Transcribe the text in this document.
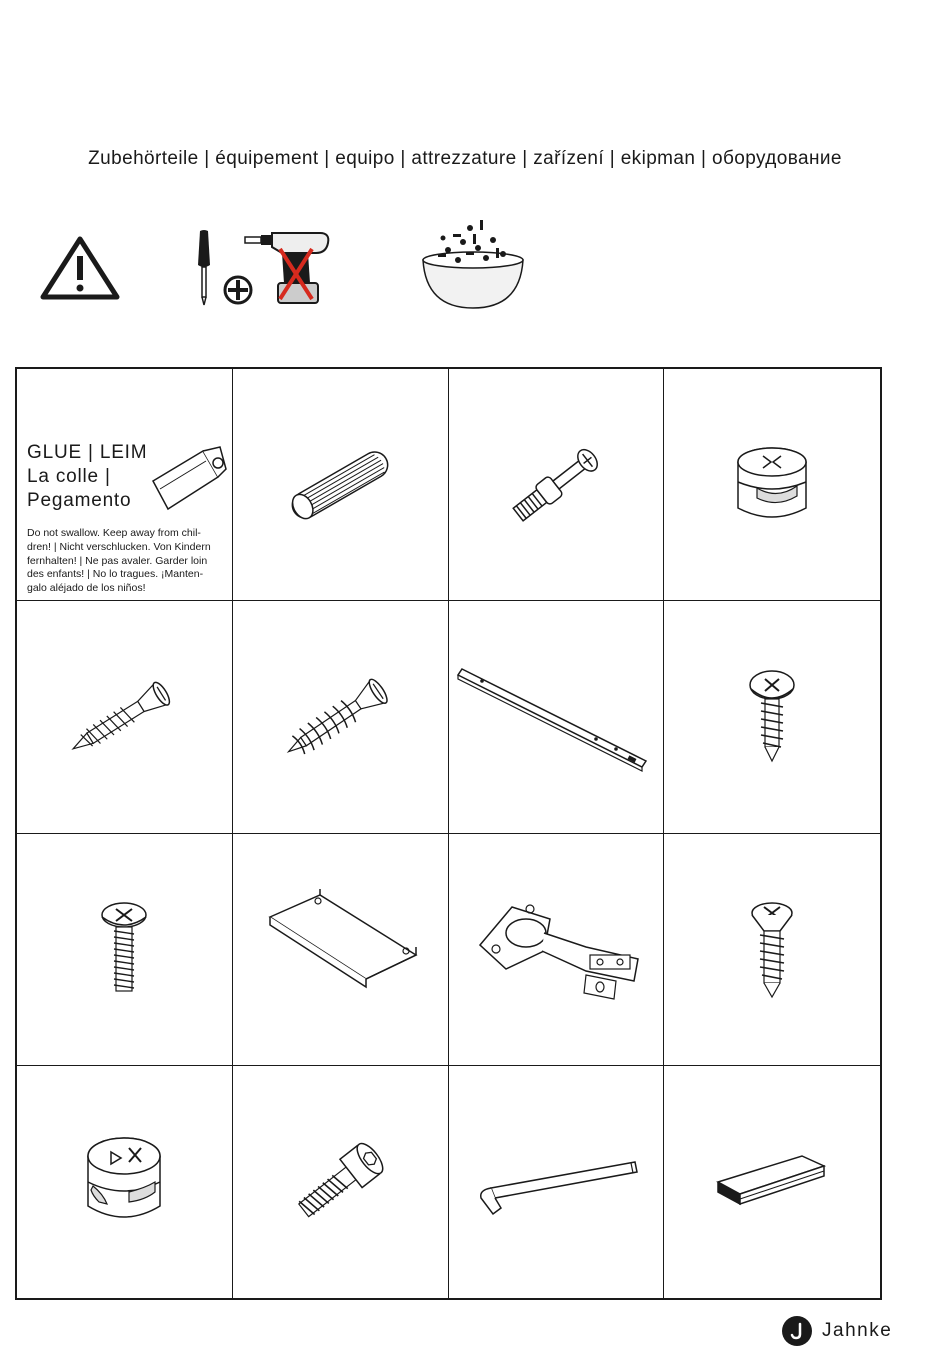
Zubehörteile | équipement | equipo | attrezzature | zařízení | ekipman | оборудование
GLUE | LEIM
La colle |
Pegamento
Do not swallow. Keep away from chil-
dren! | Nicht verschlucken. Von Kindern
fernhalten! | Ne pas avaler. Garder loin
des enfants! | No lo tragues. ¡Manten-
galo aléjado de los niños!
Jahnke
